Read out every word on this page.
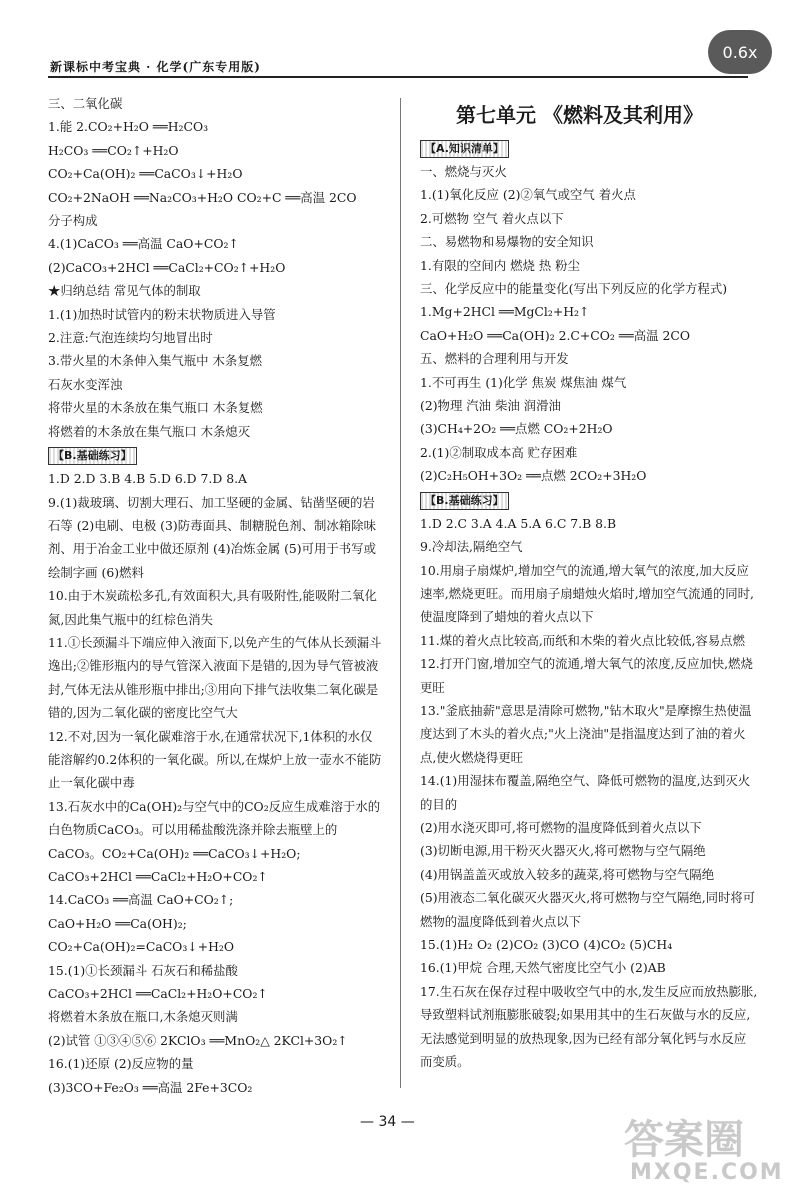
新课标中考宝典 · 化学(广东专用版)
0.6x
三、二氧化碳
1.能 2.CO₂+H₂O ══H₂CO₃
H₂CO₃ ══CO₂↑+H₂O
CO₂+Ca(OH)₂ ══CaCO₃↓+H₂O
CO₂+2NaOH ══Na₂CO₃+H₂O CO₂+C ══高温 2CO
分子构成
4.(1)CaCO₃ ══高温 CaO+CO₂↑
(2)CaCO₃+2HCl ══CaCl₂+CO₂↑+H₂O
★归纳总结 常见气体的制取
1.(1)加热时试管内的粉末状物质进入导管
2.注意:气泡连续均匀地冒出时
3.带火星的木条伸入集气瓶中 木条复燃
石灰水变浑浊
将带火星的木条放在集气瓶口 木条复燃
将燃着的木条放在集气瓶口 木条熄灭
【B.基础练习】
1.D 2.D 3.B 4.B 5.D 6.D 7.D 8.A
9.(1)裁玻璃、切割大理石、加工坚硬的金属、钻凿坚硬的岩石等 (2)电刷、电极 (3)防毒面具、制糖脱色剂、制冰箱除味剂、用于冶金工业中做还原剂 (4)冶炼金属 (5)可用于书写或绘制字画 (6)燃料
10.由于木炭疏松多孔,有效面积大,具有吸附性,能吸附二氧化氮,因此集气瓶中的红棕色消失
11.①长颈漏斗下端应伸入液面下,以免产生的气体从长颈漏斗逸出;②锥形瓶内的导气管深入液面下是错的,因为导气管被液封,气体无法从锥形瓶中排出;③用向下排气法收集二氧化碳是错的,因为二氧化碳的密度比空气大
12.不对,因为一氧化碳难溶于水,在通常状况下,1体积的水仅能溶解约0.2体积的一氧化碳。所以,在煤炉上放一壶水不能防止一氧化碳中毒
13.石灰水中的Ca(OH)₂与空气中的CO₂反应生成难溶于水的白色物质CaCO₃。可以用稀盐酸洗涤并除去瓶壁上的CaCO₃。CO₂+Ca(OH)₂ ══CaCO₃↓+H₂O; CaCO₃+2HCl ══CaCl₂+H₂O+CO₂↑
14.CaCO₃ ══高温 CaO+CO₂↑;
CaO+H₂O ══Ca(OH)₂;
CO₂+Ca(OH)₂=CaCO₃↓+H₂O
15.(1)①长颈漏斗 石灰石和稀盐酸
CaCO₃+2HCl ══CaCl₂+H₂O+CO₂↑
将燃着木条放在瓶口,木条熄灭则满
(2)试管 ①③④⑤⑥ 2KClO₃ ══MnO₂△ 2KCl+3O₂↑
16.(1)还原 (2)反应物的量
(3)3CO+Fe₂O₃ ══高温 2Fe+3CO₂
第七单元 《燃料及其利用》
【A.知识清单】
一、燃烧与灭火
1.(1)氧化反应 (2)②氧气或空气 着火点
2.可燃物 空气 着火点以下
二、易燃物和易爆物的安全知识
1.有限的空间内 燃烧 热 粉尘
三、化学反应中的能量变化(写出下列反应的化学方程式)
1.Mg+2HCl ══MgCl₂+H₂↑
CaO+H₂O ══Ca(OH)₂ 2.C+CO₂ ══高温 2CO
五、燃料的合理利用与开发
1.不可再生 (1)化学 焦炭 煤焦油 煤气
(2)物理 汽油 柴油 润滑油
(3)CH₄+2O₂ ══点燃 CO₂+2H₂O
2.(1)②制取成本高 贮存困难
(2)C₂H₅OH+3O₂ ══点燃 2CO₂+3H₂O
【B.基础练习】
1.D 2.C 3.A 4.A 5.A 6.C 7.B 8.B
9.冷却法,隔绝空气
10.用扇子扇煤炉,增加空气的流通,增大氧气的浓度,加大反应速率,燃烧更旺。而用扇子扇蜡烛火焰时,增加空气流通的同时,使温度降到了蜡烛的着火点以下
11.煤的着火点比较高,而纸和木柴的着火点比较低,容易点燃
12.打开门窗,增加空气的流通,增大氧气的浓度,反应加快,燃烧更旺
13."釜底抽薪"意思是清除可燃物,"钻木取火"是摩擦生热使温度达到了木头的着火点;"火上浇油"是指温度达到了油的着火点,使火燃烧得更旺
14.(1)用湿抹布覆盖,隔绝空气、降低可燃物的温度,达到灭火的目的
(2)用水浇灭即可,将可燃物的温度降低到着火点以下
(3)切断电源,用干粉灭火器灭火,将可燃物与空气隔绝
(4)用锅盖盖灭或放入较多的蔬菜,将可燃物与空气隔绝
(5)用液态二氧化碳灭火器灭火,将可燃物与空气隔绝,同时将可燃物的温度降低到着火点以下
15.(1)H₂ O₂ (2)CO₂ (3)CO (4)CO₂ (5)CH₄
16.(1)甲烷 合理,天然气密度比空气小 (2)AB
17.生石灰在保存过程中吸收空气中的水,发生反应而放热膨胀,导致塑料试剂瓶膨胀破裂;如果用其中的生石灰做与水的反应,无法感觉到明显的放热现象,因为已经有部分氧化钙与水反应而变质。
— 34 —	答案圈
MXQE.COM
